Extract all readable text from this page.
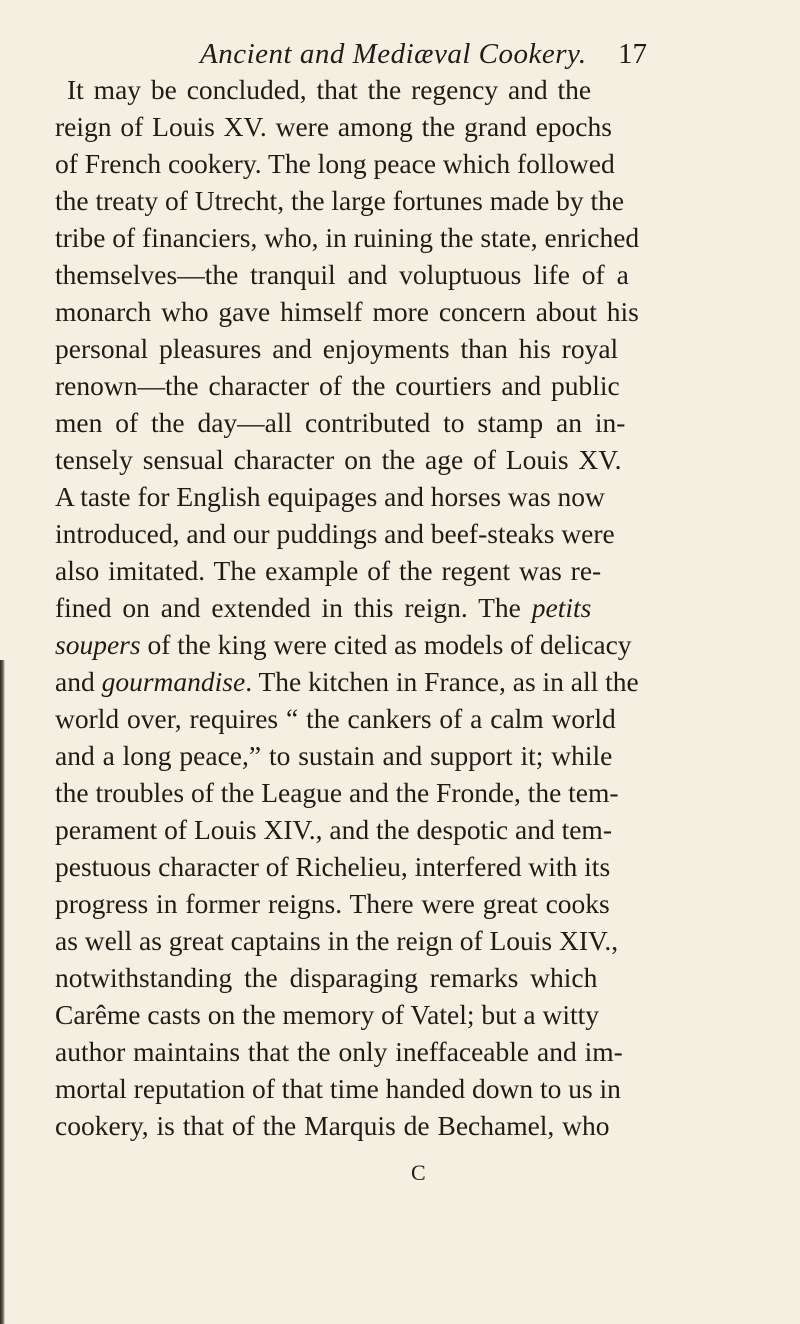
Ancient and Mediæval Cookery. 17
It may be concluded, that the regency and the
reign of Louis XV. were among the grand epochs
of French cookery. The long peace which followed
the treaty of Utrecht, the large fortunes made by the
tribe of financiers, who, in ruining the state, enriched
themselves—the tranquil and voluptuous life of a
monarch who gave himself more concern about his
personal pleasures and enjoyments than his royal
renown—the character of the courtiers and public
men of the day—all contributed to stamp an in-
tensely sensual character on the age of Louis XV.
A taste for English equipages and horses was now
introduced, and our puddings and beef-steaks were
also imitated. The example of the regent was re-
fined on and extended in this reign. The petits
soupers of the king were cited as models of delicacy
and gourmandise. The kitchen in France, as in all the
world over, requires “ the cankers of a calm world
and a long peace,” to sustain and support it; while
the troubles of the League and the Fronde, the tem-
perament of Louis XIV., and the despotic and tem-
pestuous character of Richelieu, interfered with its
progress in former reigns. There were great cooks
as well as great captains in the reign of Louis XIV.,
notwithstanding the disparaging remarks which
Carême casts on the memory of Vatel; but a witty
author maintains that the only ineffaceable and im-
mortal reputation of that time handed down to us in
cookery, is that of the Marquis de Bechamel, who
C
